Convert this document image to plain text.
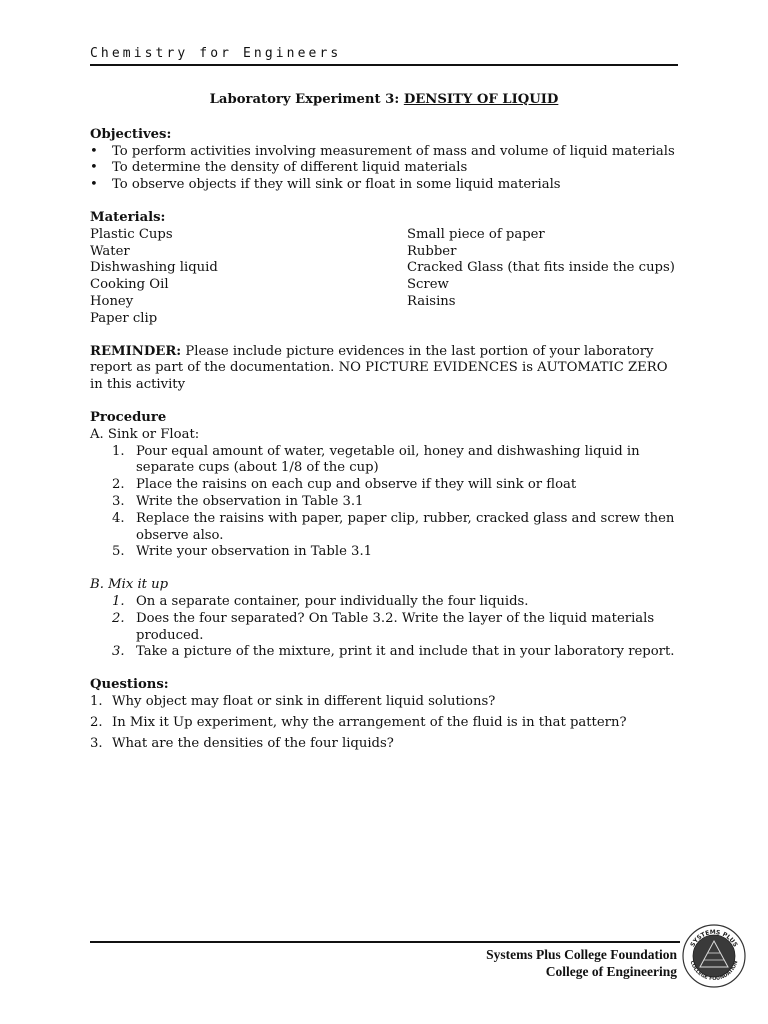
Chemistry for Engineers

Laboratory Experiment 3: DENSITY OF LIQUID

Objectives:

• To perform activities involving measurement of mass and volume of liquid materials
• To determine the density of different liquid materials
• To observe objects if they will sink or float in some liquid materials

Materials:

Plastic Cups
Water
Dishwashing liquid
Cooking Oil
Honey
Paper clip
Small piece of paper
Rubber
Cracked Glass (that fits inside the cups)
Screw
Raisins

REMINDER: Please include picture evidences in the last portion of your laboratory report as part of the documentation. NO PICTURE EVIDENCES is AUTOMATIC ZERO in this activity

Procedure

A. Sink or Float:

1. Pour equal amount of water, vegetable oil, honey and dishwashing liquid in separate cups (about 1/8 of the cup)
2. Place the raisins on each cup and observe if they will sink or float
3. Write the observation in Table 3.1
4. Replace the raisins with paper, paper clip, rubber, cracked glass and screw then observe also.
5. Write your observation in Table 3.1

B. Mix it up

1. On a separate container, pour individually the four liquids.
2. Does the four separated? On Table 3.2. Write the layer of the liquid materials produced.
3. Take a picture of the mixture, print it and include that in your laboratory report.

Questions:

1. Why object may float or sink in different liquid solutions?
2. In Mix it Up experiment, why the arrangement of the fluid is in that pattern?
3. What are the densities of the four liquids?
Systems Plus College Foundation
College of Engineering
SYSTEMS PLUS
COLLEGE FOUNDATION
